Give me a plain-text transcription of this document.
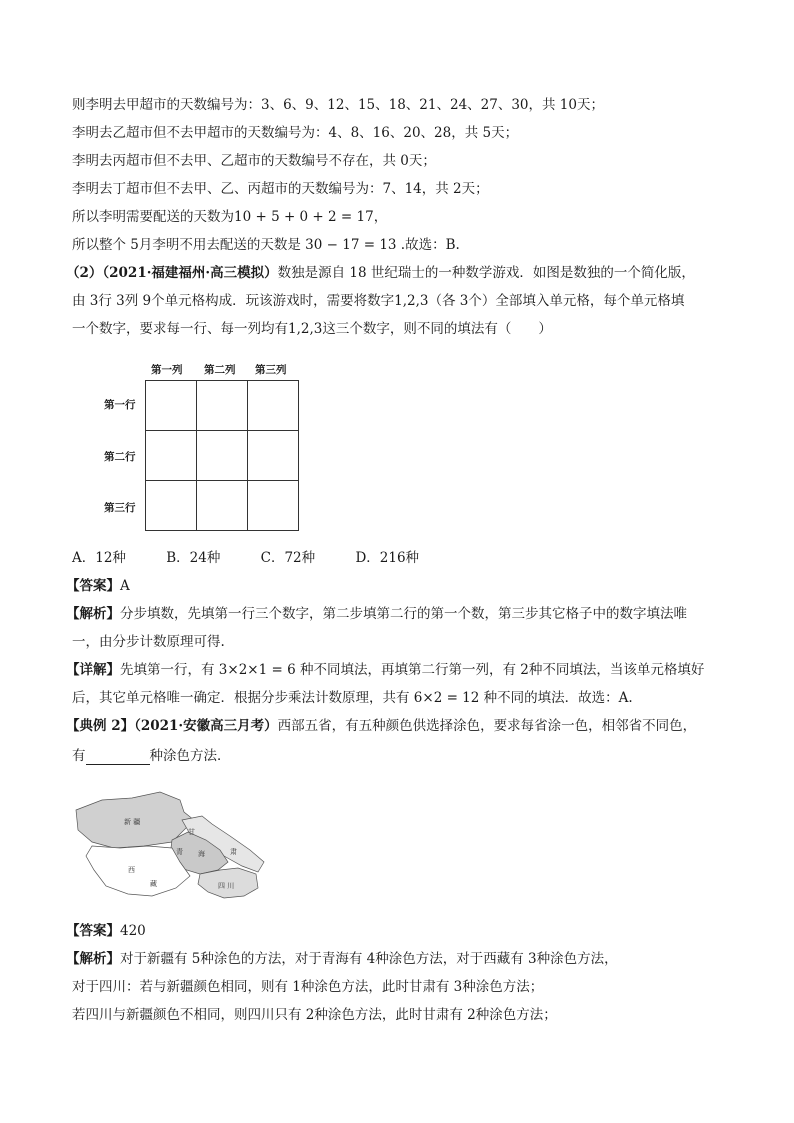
则李明去甲超市的天数编号为：3、6、9、12、15、18、21、24、27、30，共 10天；
李明去乙超市但不去甲超市的天数编号为：4、8、16、20、28，共 5天；
李明去丙超市但不去甲、乙超市的天数编号不存在，共 0天；
李明去丁超市但不去甲、乙、丙超市的天数编号为：7、14，共 2天；
所以李明需要配送的天数为10 + 5 + 0 + 2 = 17，
所以整个 5月李明不用去配送的天数是 30 − 17 = 13 .故选：B.
（2）（2021·福建福州·高三模拟）数独是源自 18 世纪瑞士的一种数学游戏．如图是数独的一个简化版，
由 3行 3列 9个单元格构成．玩该游戏时，需要将数字1,2,3（各 3个）全部填入单元格，每个单元格填
一个数字，要求每一行、每一列均有1,2,3这三个数字，则不同的填法有（　　）
第一列 第二列 第三列
第一行
第二行
第三行

A．12种	B．24种	C．72种	D．216种
【答案】A
【解析】分步填数，先填第一行三个数字，第二步填第二行的第一个数，第三步其它格子中的数字填法唯
一，由分步计数原理可得.
【详解】先填第一行，有 3×2×1 = 6 种不同填法，再填第二行第一列，有 2种不同填法，当该单元格填好
后，其它单元格唯一确定．根据分步乘法计数原理，共有 6×2 = 12 种不同的填法．故选：A.
【典例 2】（2021·安徽高三月考）西部五省，有五种颜色供选择涂色，要求每省涂一色，相邻省不同色，
有	种涂色方法．
新 疆
甘
青 海	肃
西
藏	四 川
【答案】420
【解析】对于新疆有 5种涂色的方法，对于青海有 4种涂色方法，对于西藏有 3种涂色方法，
对于四川：若与新疆颜色相同，则有 1种涂色方法，此时甘肃有 3种涂色方法；
若四川与新疆颜色不相同，则四川只有 2种涂色方法，此时甘肃有 2种涂色方法；
